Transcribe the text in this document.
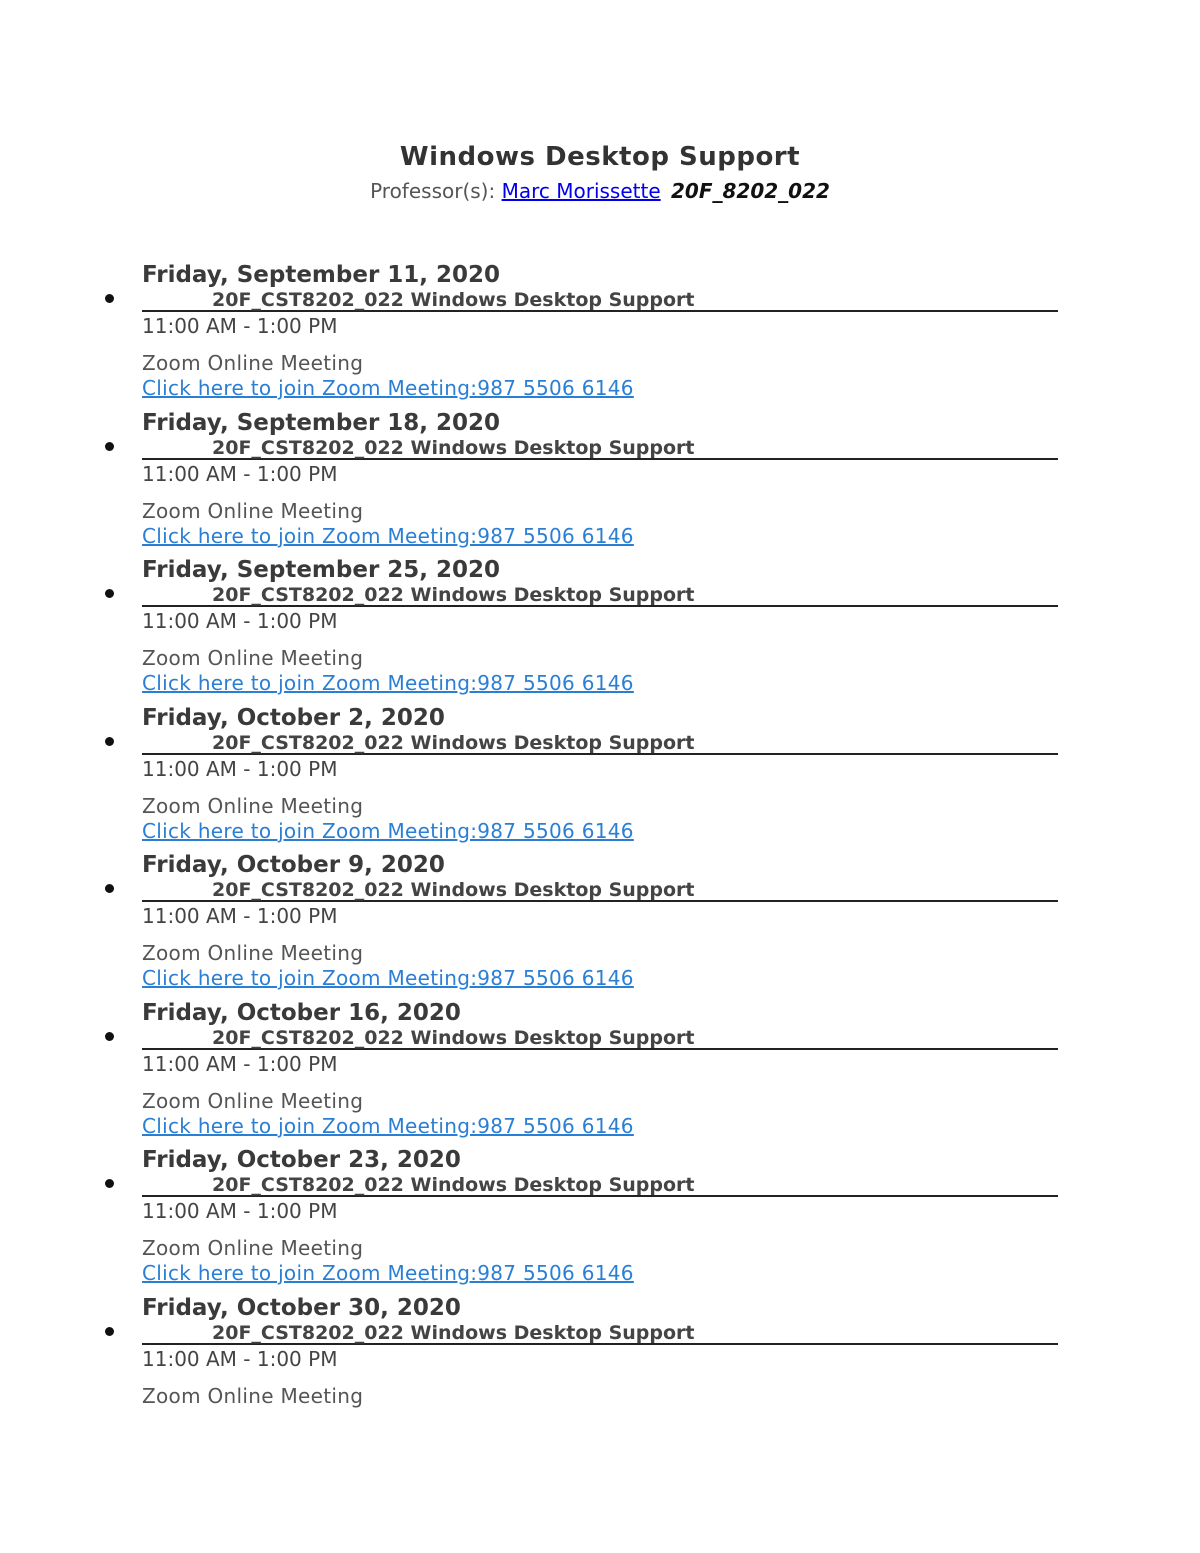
Windows Desktop Support
Professor(s): Marc Morissette 20F_8202_022
Friday, September 11, 2020
20F_CST8202_022 Windows Desktop Support
11:00 AM - 1:00 PM
Zoom Online Meeting
Click here to join Zoom Meeting:987 5506 6146
Friday, September 18, 2020
20F_CST8202_022 Windows Desktop Support
11:00 AM - 1:00 PM
Zoom Online Meeting
Click here to join Zoom Meeting:987 5506 6146
Friday, September 25, 2020
20F_CST8202_022 Windows Desktop Support
11:00 AM - 1:00 PM
Zoom Online Meeting
Click here to join Zoom Meeting:987 5506 6146
Friday, October 2, 2020
20F_CST8202_022 Windows Desktop Support
11:00 AM - 1:00 PM
Zoom Online Meeting
Click here to join Zoom Meeting:987 5506 6146
Friday, October 9, 2020
20F_CST8202_022 Windows Desktop Support
11:00 AM - 1:00 PM
Zoom Online Meeting
Click here to join Zoom Meeting:987 5506 6146
Friday, October 16, 2020
20F_CST8202_022 Windows Desktop Support
11:00 AM - 1:00 PM
Zoom Online Meeting
Click here to join Zoom Meeting:987 5506 6146
Friday, October 23, 2020
20F_CST8202_022 Windows Desktop Support
11:00 AM - 1:00 PM
Zoom Online Meeting
Click here to join Zoom Meeting:987 5506 6146
Friday, October 30, 2020
20F_CST8202_022 Windows Desktop Support
11:00 AM - 1:00 PM
Zoom Online Meeting
